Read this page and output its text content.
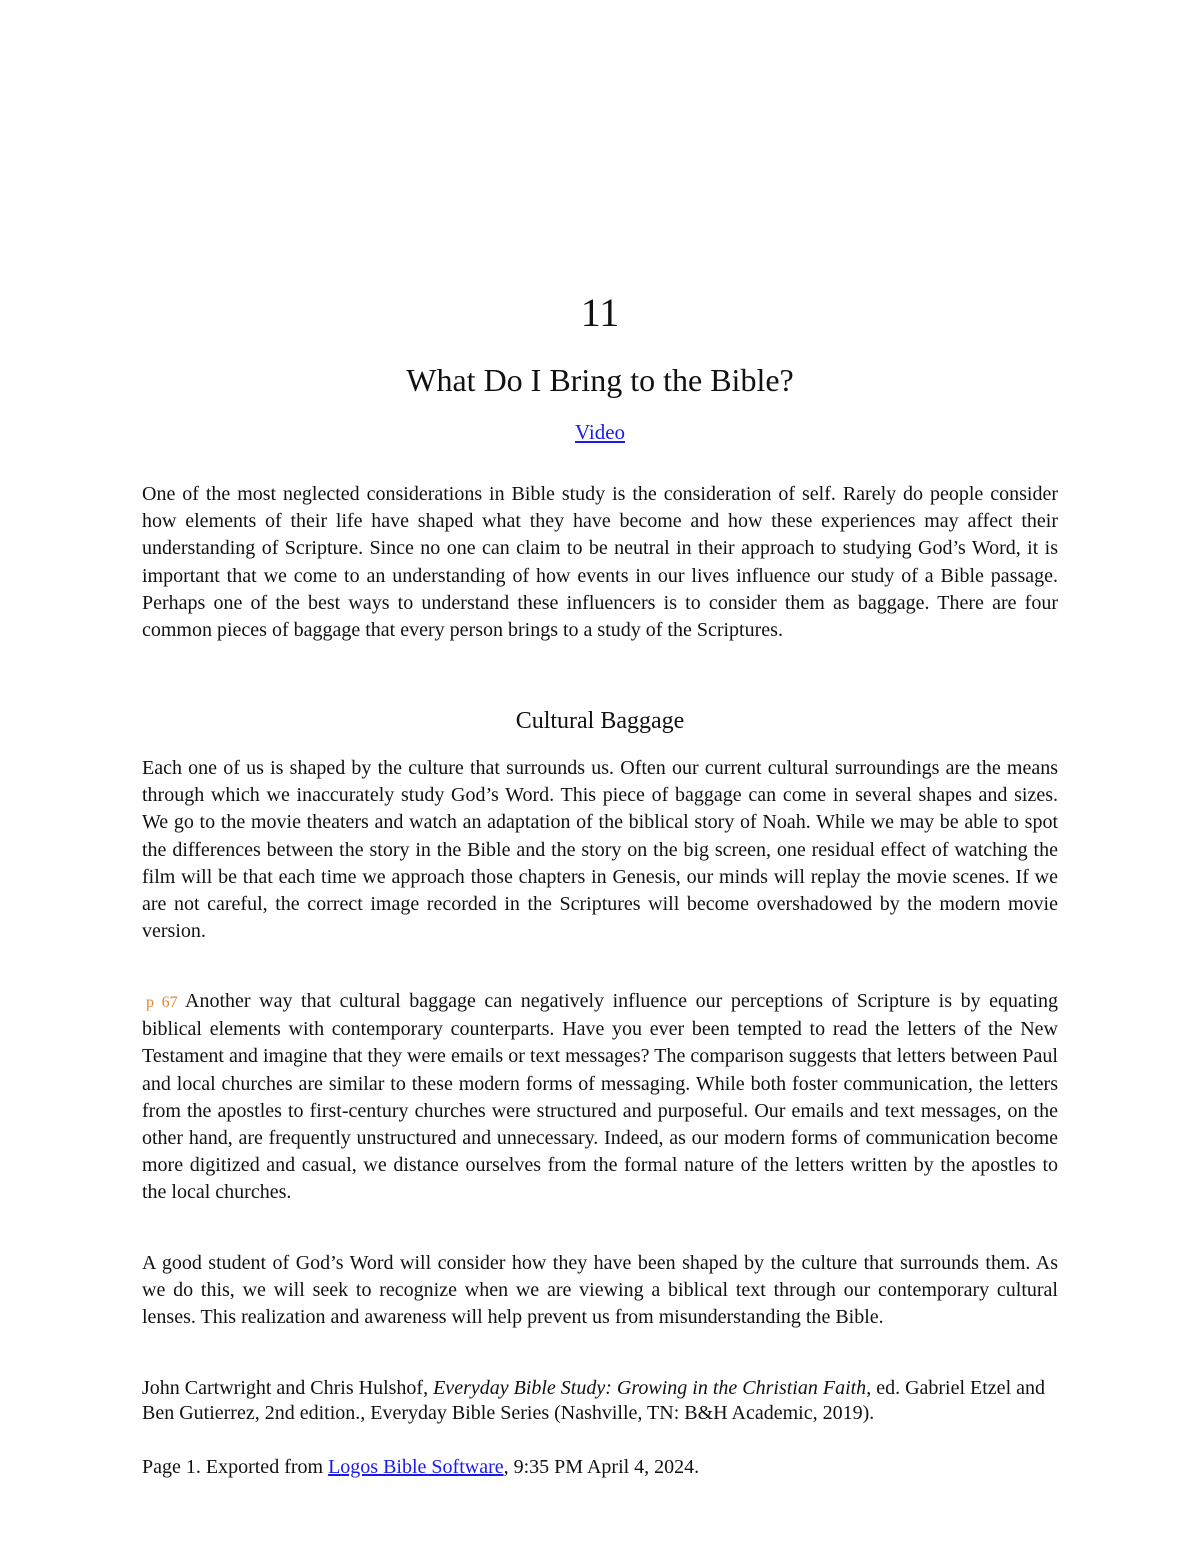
11
What Do I Bring to the Bible?
Video

One of the most neglected considerations in Bible study is the consideration of self. Rarely do people consider how elements of their life have shaped what they have become and how these experiences may affect their understanding of Scripture. Since no one can claim to be neutral in their approach to studying God’s Word, it is important that we come to an understanding of how events in our lives influence our study of a Bible passage. Perhaps one of the best ways to understand these influencers is to consider them as baggage. There are four common pieces of baggage that every person brings to a study of the Scriptures.

Cultural Baggage

Each one of us is shaped by the culture that surrounds us. Often our current cultural surroundings are the means through which we inaccurately study God’s Word. This piece of baggage can come in several shapes and sizes. We go to the movie theaters and watch an adaptation of the biblical story of Noah. While we may be able to spot the differences between the story in the Bible and the story on the big screen, one residual effect of watching the film will be that each time we approach those chapters in Genesis, our minds will replay the movie scenes. If we are not careful, the correct image recorded in the Scriptures will become overshadowed by the modern movie version.

p 67 Another way that cultural baggage can negatively influence our perceptions of Scripture is by equating biblical elements with contemporary counterparts. Have you ever been tempted to read the letters of the New Testament and imagine that they were emails or text messages? The comparison suggests that letters between Paul and local churches are similar to these modern forms of messaging. While both foster communication, the letters from the apostles to first-century churches were structured and purposeful. Our emails and text messages, on the other hand, are frequently unstructured and unnecessary. Indeed, as our modern forms of communication become more digitized and casual, we distance ourselves from the formal nature of the letters written by the apostles to the local churches.

A good student of God’s Word will consider how they have been shaped by the culture that surrounds them. As we do this, we will seek to recognize when we are viewing a biblical text through our contemporary cultural lenses. This realization and awareness will help prevent us from misunderstanding the Bible.

John Cartwright and Chris Hulshof, Everyday Bible Study: Growing in the Christian Faith, ed. Gabriel Etzel and Ben Gutierrez, 2nd edition., Everyday Bible Series (Nashville, TN: B&H Academic, 2019).

Page 1. Exported from Logos Bible Software, 9:35 PM April 4, 2024.
